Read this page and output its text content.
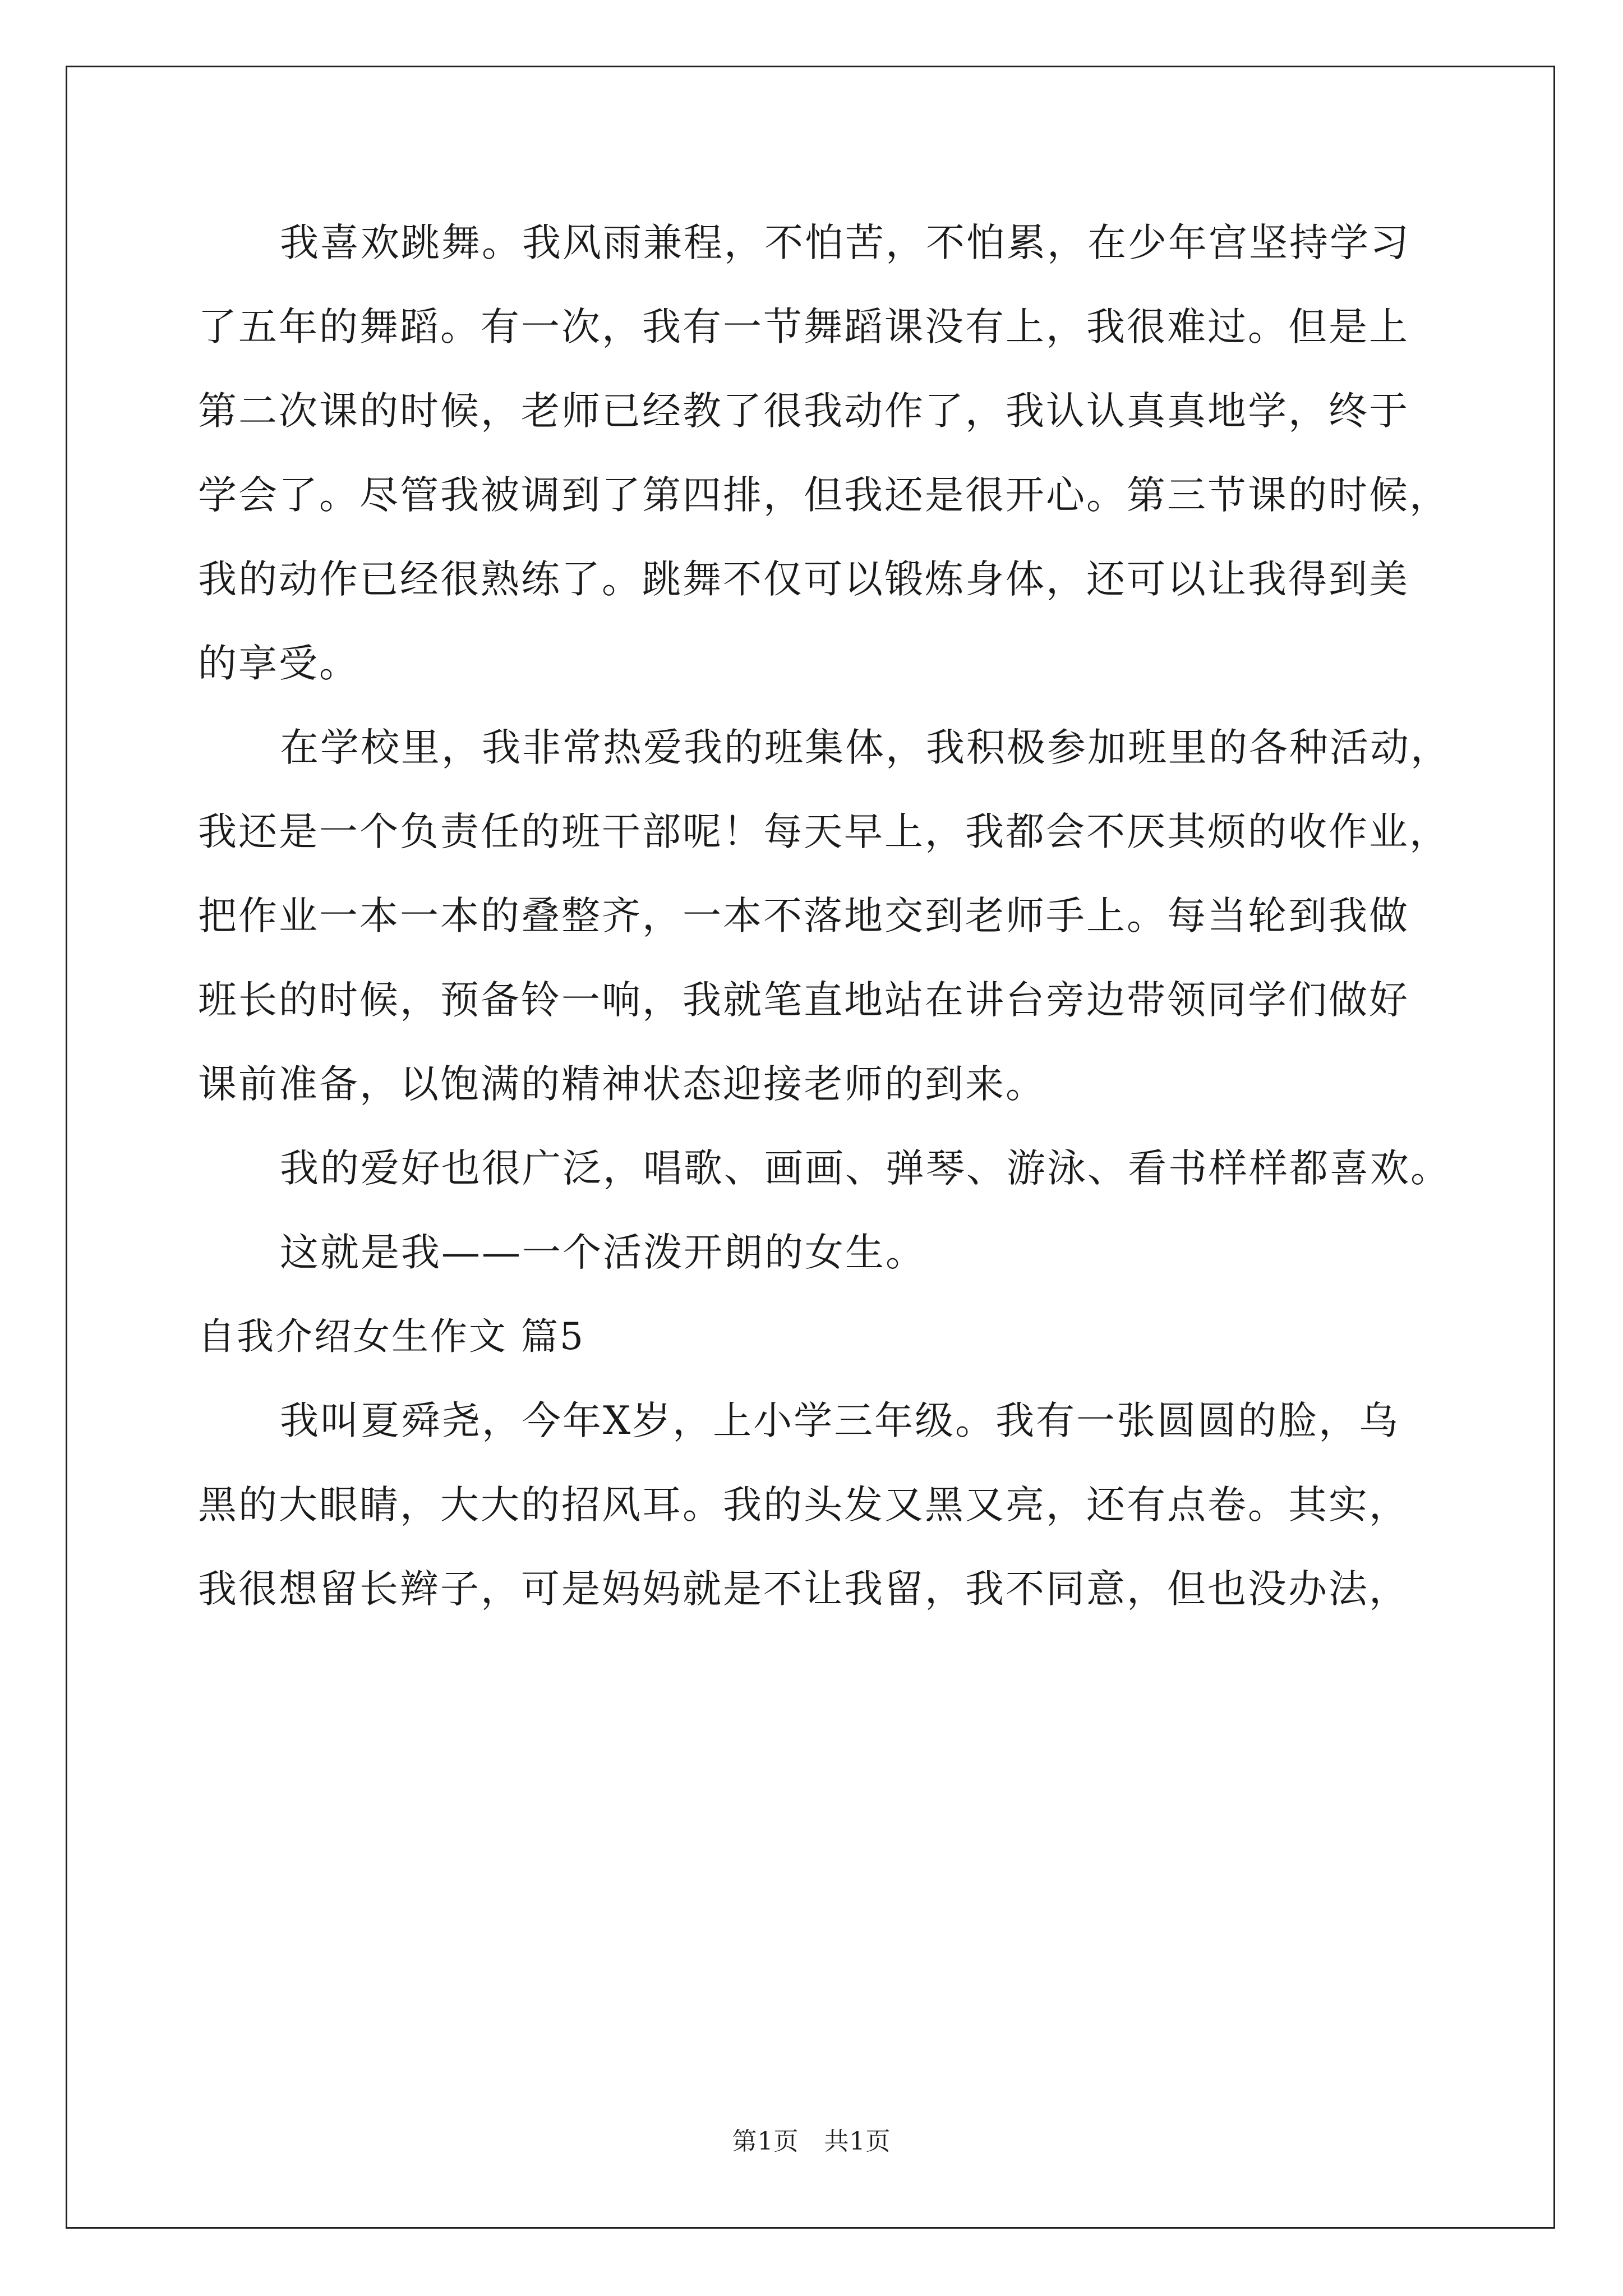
我喜欢跳舞。我风雨兼程，不怕苦，不怕累，在少年宫坚持学习
了五年的舞蹈。有一次，我有一节舞蹈课没有上，我很难过。但是上
第二次课的时候，老师已经教了很我动作了，我认认真真地学，终于
学会了。尽管我被调到了第四排，但我还是很开心。第三节课的时候，
我的动作已经很熟练了。跳舞不仅可以锻炼身体，还可以让我得到美
的享受。
在学校里，我非常热爱我的班集体，我积极参加班里的各种活动，
我还是一个负责任的班干部呢！每天早上，我都会不厌其烦的收作业，
把作业一本一本的叠整齐，一本不落地交到老师手上。每当轮到我做
班长的时候，预备铃一响，我就笔直地站在讲台旁边带领同学们做好
课前准备，以饱满的精神状态迎接老师的到来。
我的爱好也很广泛，唱歌、画画、弹琴、游泳、看书样样都喜欢。
这就是我——一个活泼开朗的女生。
自我介绍女生作文 篇5
我叫夏舜尧，今年X岁，上小学三年级。我有一张圆圆的脸，乌
黑的大眼睛，大大的招风耳。我的头发又黑又亮，还有点卷。其实，
我很想留长辫子，可是妈妈就是不让我留，我不同意，但也没办法，
第1页　共1页
